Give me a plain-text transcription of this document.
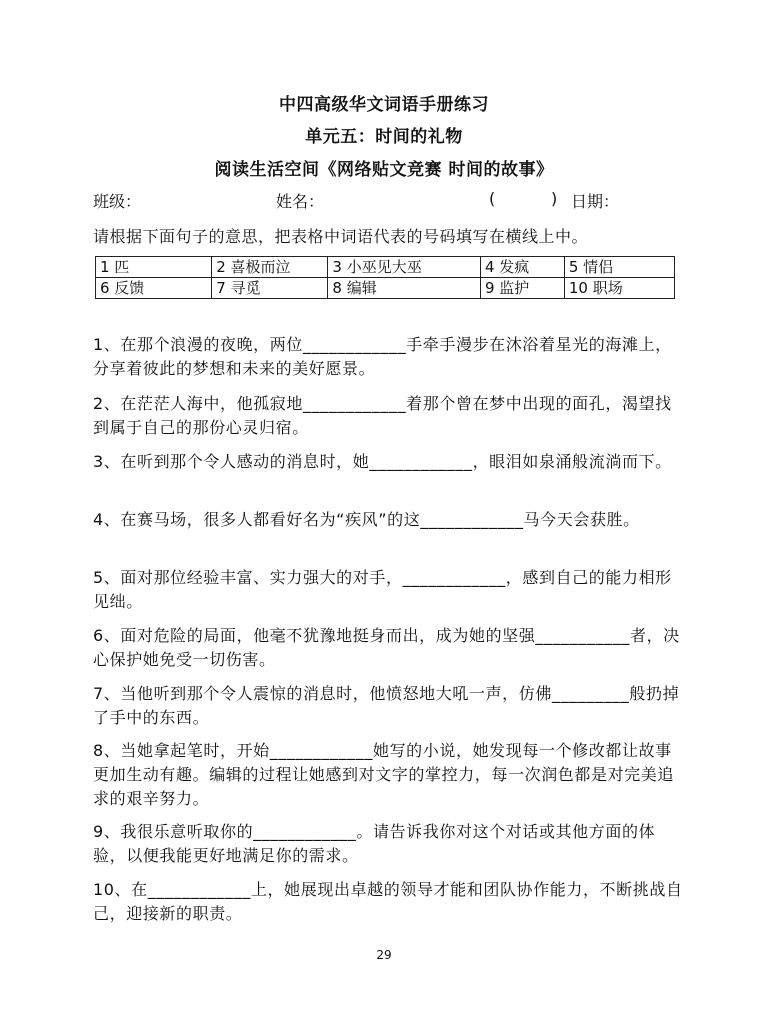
中四高级华文词语手册练习
单元五：时间的礼物
阅读生活空间《网络贴文竞赛 时间的故事》
班级：	姓名：	(	) 日期：
请根据下面句子的意思，把表格中词语代表的号码填写在横线上中。
1 匹	2 喜极而泣	3 小巫见大巫	4 发疯	5 情侣
6 反馈	7 寻觅	8 编辑	9 监护	10 职场

1、在那个浪漫的夜晚，两位____________手牵手漫步在沐浴着星光的海滩上，分享着彼此的梦想和未来的美好愿景。

2、在茫茫人海中，他孤寂地____________着那个曾在梦中出现的面孔，渴望找到属于自己的那份心灵归宿。

3、在听到那个令人感动的消息时，她____________，眼泪如泉涌般流淌而下。

4、在赛马场，很多人都看好名为“疾风”的这____________马今天会获胜。

5、面对那位经验丰富、实力强大的对手，____________，感到自己的能力相形见绌。

6、面对危险的局面，他毫不犹豫地挺身而出，成为她的坚强___________者，决心保护她免受一切伤害。

7、当他听到那个令人震惊的消息时，他愤怒地大吼一声，仿佛_________般扔掉了手中的东西。

8、当她拿起笔时，开始____________她写的小说，她发现每一个修改都让故事更加生动有趣。编辑的过程让她感到对文字的掌控力，每一次润色都是对完美追求的艰辛努力。

9、我很乐意听取你的____________。请告诉我你对这个对话或其他方面的体验，以便我能更好地满足你的需求。

10、在____________上，她展现出卓越的领导才能和团队协作能力，不断挑战自己，迎接新的职责。

29
